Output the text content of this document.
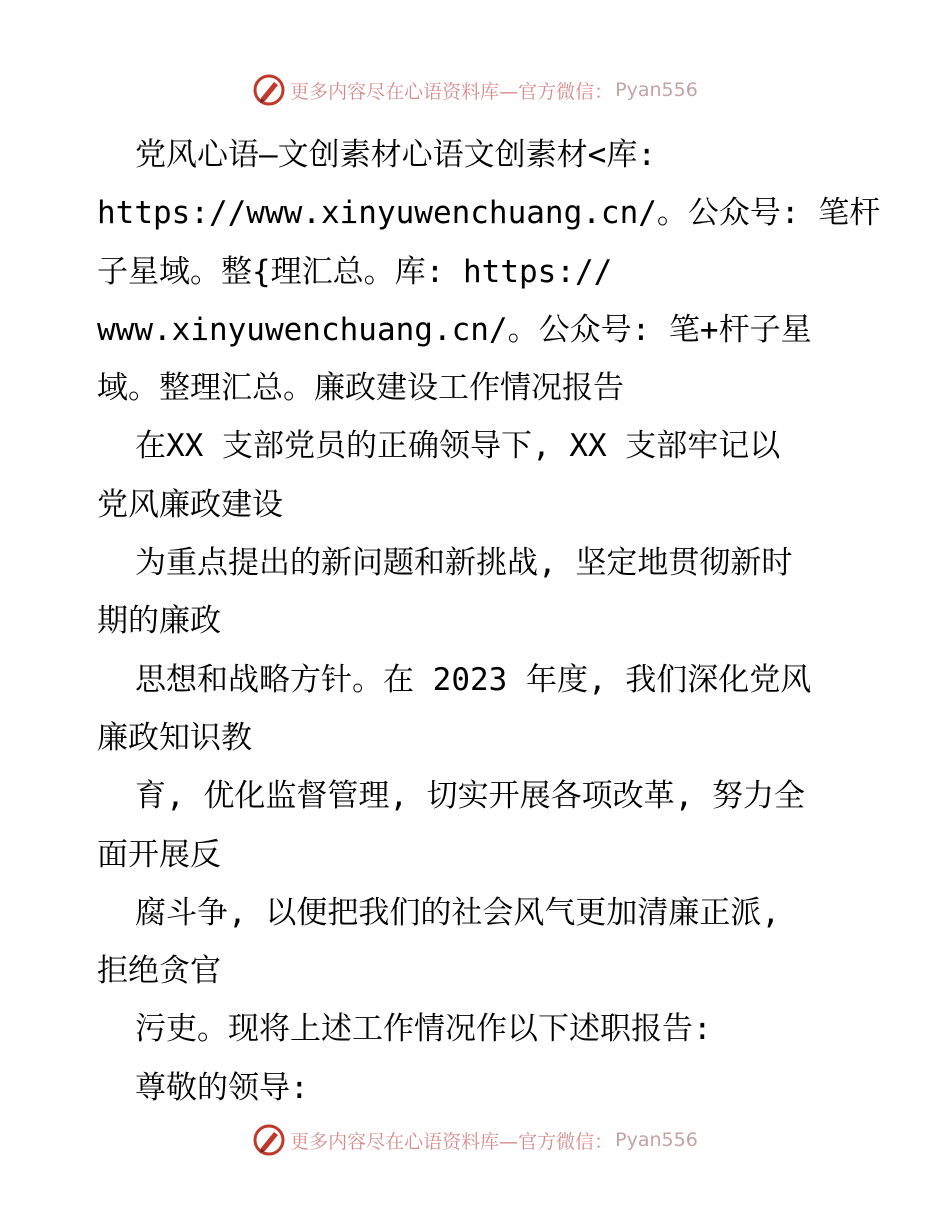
更多内容尽在心语资料库—官方微信： Pyan556
党风心语—文创素材心语文创素材<库:
https://www.xinyuwenchuang.cn/。公众号: 笔杆
子星域。整{理汇总。库: https://
www.xinyuwenchuang.cn/。公众号: 笔+杆子星
域。整理汇总。廉政建设工作情况报告
在XX 支部党员的正确领导下, XX 支部牢记以
党风廉政建设
为重点提出的新问题和新挑战, 坚定地贯彻新时
期的廉政
思想和战略方针。在 2023 年度, 我们深化党风
廉政知识教
育, 优化监督管理, 切实开展各项改革, 努力全
面开展反
腐斗争, 以便把我们的社会风气更加清廉正派,
拒绝贪官
污吏。现将上述工作情况作以下述职报告:
尊敬的领导:
更多内容尽在心语资料库—官方微信： Pyan556
